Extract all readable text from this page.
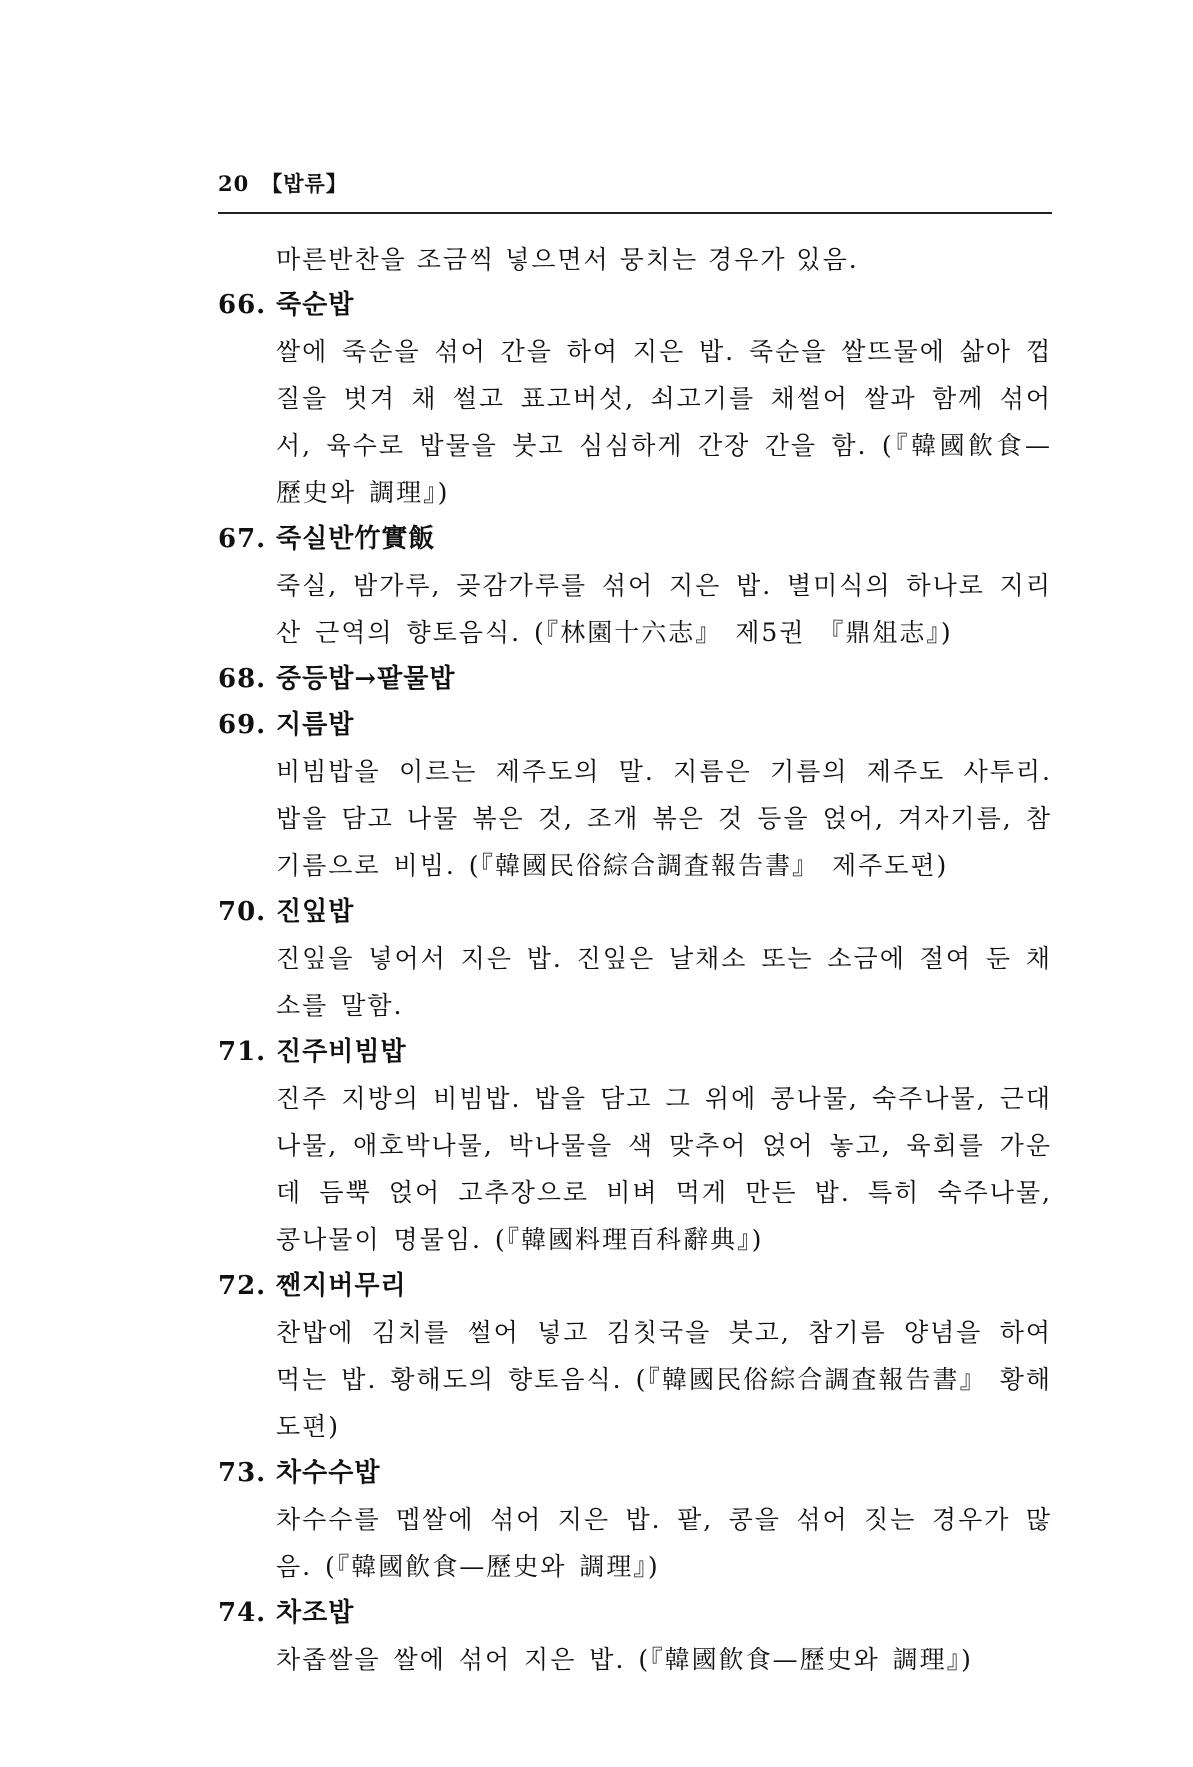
20 【밥류】

마른반찬을 조금씩 넣으면서 뭉치는 경우가 있음.

66. 죽순밥
쌀에 죽순을 섞어 간을 하여 지은 밥. 죽순을 쌀뜨물에 삶아 껍질을 벗겨 채 썰고 표고버섯, 쇠고기를 채썰어 쌀과 함께 섞어서, 육수로 밥물을 붓고 심심하게 간장 간을 함. (『韓國飮食—歷史와 調理』)
67. 죽실반竹實飯
죽실, 밤가루, 곶감가루를 섞어 지은 밥. 별미식의 하나로 지리산 근역의 향토음식. (『林園十六志』 제5권 『鼎俎志』)
68. 중등밥→팥물밥
69. 지름밥
비빔밥을 이르는 제주도의 말. 지름은 기름의 제주도 사투리. 밥을 담고 나물 볶은 것, 조개 볶은 것 등을 얹어, 겨자기름, 참기름으로 비빔. (『韓國民俗綜合調査報告書』 제주도편)
70. 진잎밥
진잎을 넣어서 지은 밥. 진잎은 날채소 또는 소금에 절여 둔 채소를 말함.
71. 진주비빔밥
진주 지방의 비빔밥. 밥을 담고 그 위에 콩나물, 숙주나물, 근대나물, 애호박나물, 박나물을 색 맞추어 얹어 놓고, 육회를 가운데 듬뿍 얹어 고추장으로 비벼 먹게 만든 밥. 특히 숙주나물, 콩나물이 명물임. (『韓國料理百科辭典』)
72. 짼지버무리
찬밥에 김치를 썰어 넣고 김칫국을 붓고, 참기름 양념을 하여 먹는 밥. 황해도의 향토음식. (『韓國民俗綜合調査報告書』 황해도편)
73. 차수수밥
차수수를 멥쌀에 섞어 지은 밥. 팥, 콩을 섞어 짓는 경우가 많음. (『韓國飮食—歷史와 調理』)
74. 차조밥
차좁쌀을 쌀에 섞어 지은 밥. (『韓國飮食—歷史와 調理』)
